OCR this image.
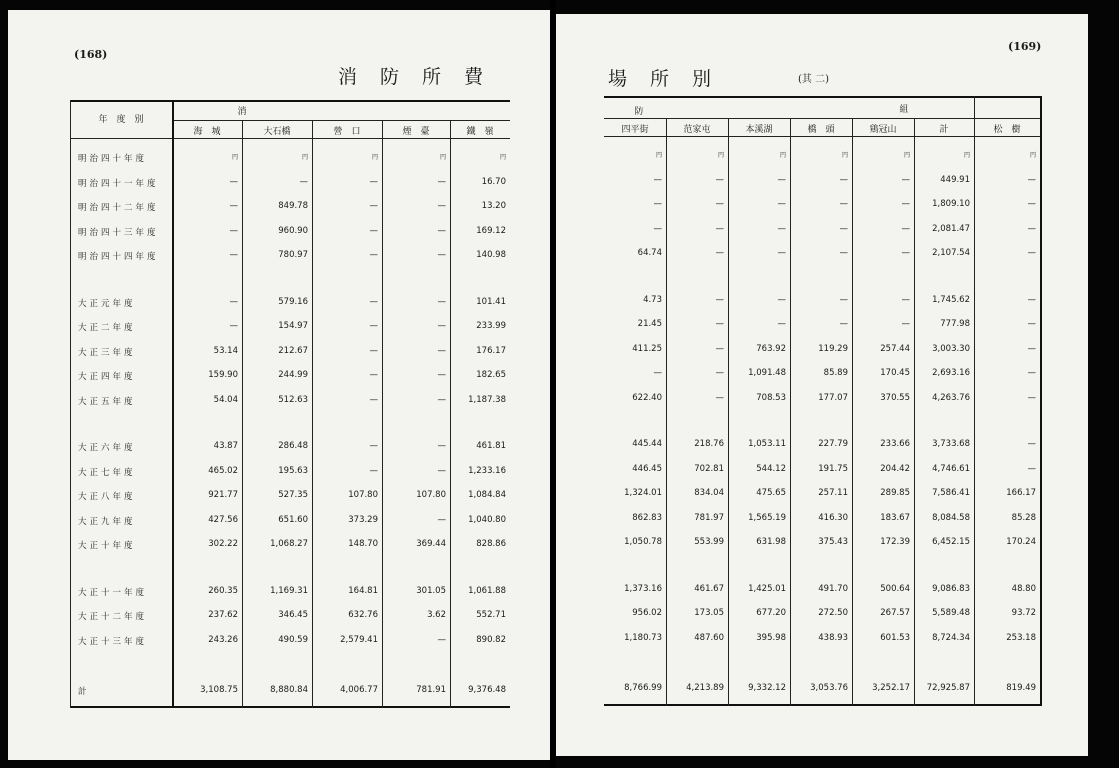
(168)
消　防　所　費
年　度　別
消
海　城	大石橋	營　口	煙　臺	鐵　嶺
明治四十年度	円	円	円	円	円
明治四十一年度	—	—	—	—	16.70
明治四十二年度	—	849.78	—	—	13.20
明治四十三年度	—	960.90	—	—	169.12
明治四十四年度	—	780.97	—	—	140.98
大正元年度	—	579.16	—	—	101.41
大正二年度	—	154.97	—	—	233.99
大正三年度	53.14	212.67	—	—	176.17
大正四年度	159.90	244.99	—	—	182.65
大正五年度	54.04	512.63	—	—	1,187.38
大正六年度	43.87	286.48	—	—	461.81
大正七年度	465.02	195.63	—	—	1,233.16
大正八年度	921.77	527.35	107.80	107.80	1,084.84
大正九年度	427.56	651.60	373.29	—	1,040.80
大正十年度	302.22	1,068.27	148.70	369.44	828.86
大正十一年度	260.35	1,169.31	164.81	301.05	1,061.88
大正十二年度	237.62	346.45	632.76	3.62	552.71
大正十三年度	243.26	490.59	2,579.41	—	890.82
計	3,108.75	8,880.84	4,006.77	781.91	9,376.48
(169)
場　所　別	(其 二)
防	組
四平街	范家屯	本溪湖	橋　頭	鶏冠山	計	松　樹
円	円	円	円	円	円	円
—	—	—	—	—	449.91	—
—	—	—	—	—	1,809.10	—
—	—	—	—	—	2,081.47	—
64.74	—	—	—	—	2,107.54	—
4.73	—	—	—	—	1,745.62	—
21.45	—	—	—	—	777.98	—
411.25	—	763.92	119.29	257.44	3,003.30	—
—	—	1,091.48	85.89	170.45	2,693.16	—
622.40	—	708.53	177.07	370.55	4,263.76	—
445.44	218.76	1,053.11	227.79	233.66	3,733.68	—
446.45	702.81	544.12	191.75	204.42	4,746.61	—
1,324.01	834.04	475.65	257.11	289.85	7,586.41	166.17
862.83	781.97	1,565.19	416.30	183.67	8,084.58	85.28
1,050.78	553.99	631.98	375.43	172.39	6,452.15	170.24
1,373.16	461.67	1,425.01	491.70	500.64	9,086.83	48.80
956.02	173.05	677.20	272.50	267.57	5,589.48	93.72
1,180.73	487.60	395.98	438.93	601.53	8,724.34	253.18
8,766.99	4,213.89	9,332.12	3,053.76	3,252.17	72,925.87	819.49
